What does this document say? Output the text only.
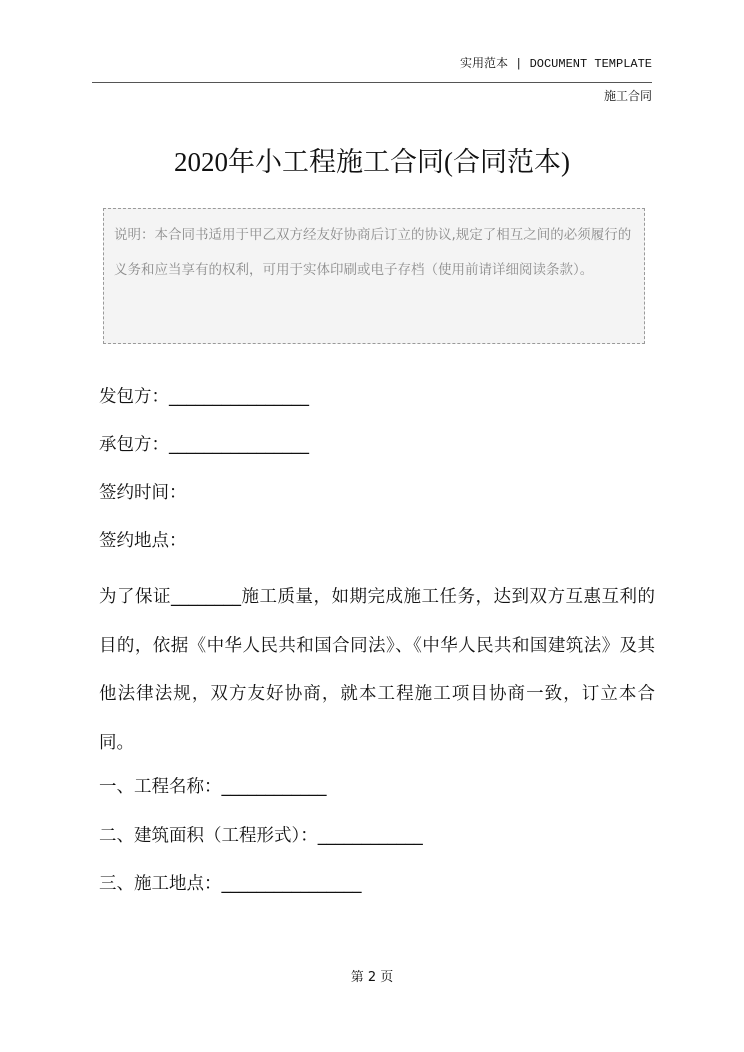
实用范本 | DOCUMENT TEMPLATE
施工合同
2020年小工程施工合同(合同范本)
说明：本合同书适用于甲乙双方经友好协商后订立的协议,规定了相互之间的必须履行的义务和应当享有的权利，可用于实体印刷或电子存档（使用前请详细阅读条款）。
发包方：________________
承包方：________________
签约时间：
签约地点：
为了保证________施工质量，如期完成施工任务，达到双方互惠互利的目的，依据《中华人民共和国合同法》、《中华人民共和国建筑法》及其他法律法规，双方友好协商，就本工程施工项目协商一致，订立本合同。
一、工程名称：____________
二、建筑面积（工程形式）：____________
三、施工地点：________________
第 2 页
